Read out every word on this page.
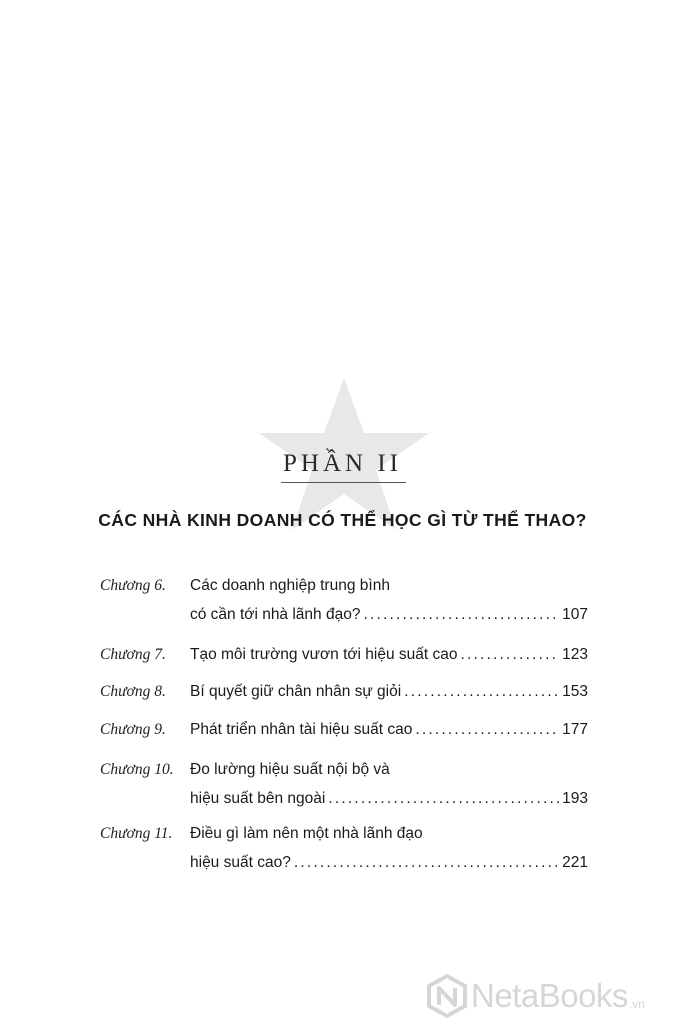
PHẦN II
CÁC NHÀ KINH DOANH CÓ THỂ HỌC GÌ TỪ THỂ THAO?
Chương 6. Các doanh nghiệp trung bình
có cần tới nhà lãnh đạo? .....	107
Chương 7. Tạo môi trường vươn tới hiệu suất cao .....	123
Chương 8. Bí quyết giữ chân nhân sự giỏi .....	153
Chương 9. Phát triển nhân tài hiệu suất cao .....	177
Chương 10. Đo lường hiệu suất nội bộ và
hiệu suất bên ngoài .....	193
Chương 11. Điều gì làm nên một nhà lãnh đạo
hiệu suất cao? .....	221
NetaBooks .vn
